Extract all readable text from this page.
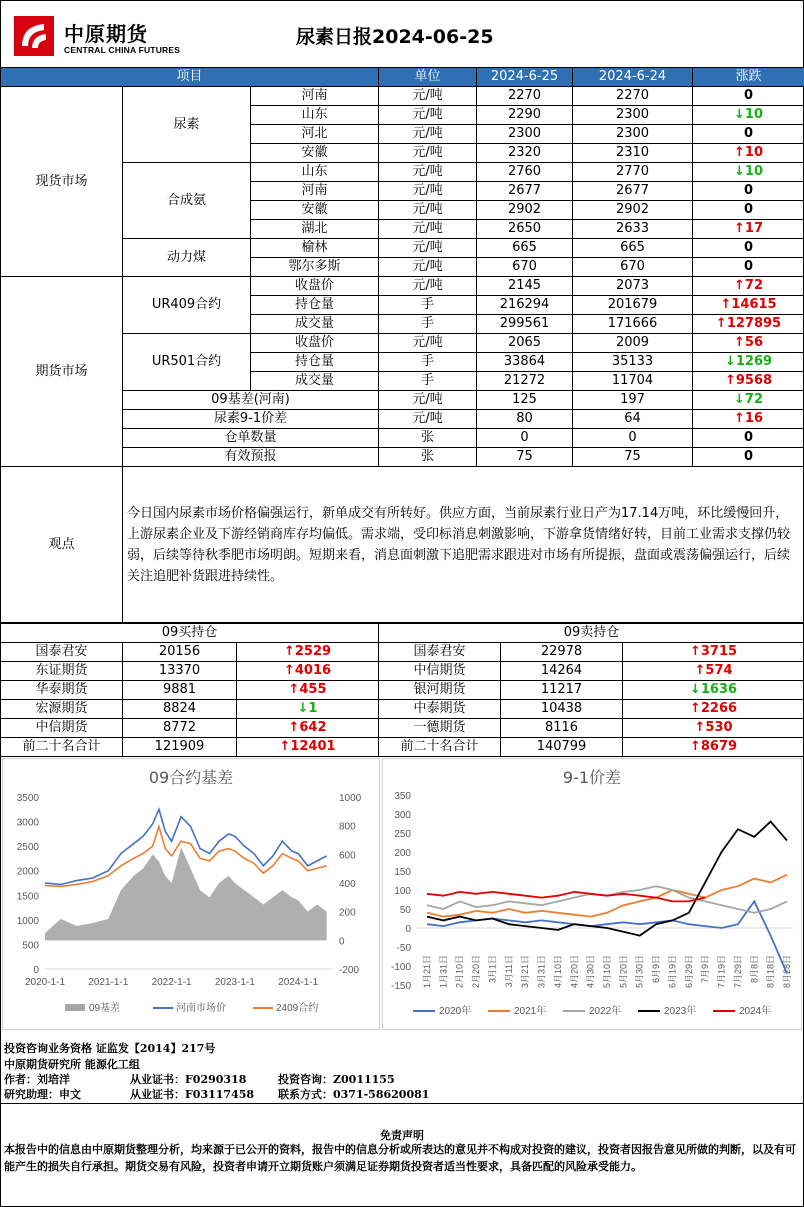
中原期货
CENTRAL CHINA FUTURES
尿素日报2024-06-25
项目			单位	2024-6-25	2024-6-24	涨跌
现货市场	尿素	河南	元/吨	2270	2270	0
		山东	元/吨	2290	2300	↓10
		河北	元/吨	2300	2300	0
		安徽	元/吨	2320	2310	↑10
	合成氨	山东	元/吨	2760	2770	↓10
		河南	元/吨	2677	2677	0
		安徽	元/吨	2902	2902	0
		湖北	元/吨	2650	2633	↑17
	动力煤	榆林	元/吨	665	665	0
		鄂尔多斯	元/吨	670	670	0
期货市场	UR409合约	收盘价	元/吨	2145	2073	↑72
		持仓量	手	216294	201679	↑14615
		成交量	手	299561	171666	↑127895
	UR501合约	收盘价	元/吨	2065	2009	↑56
		持仓量	手	33864	35133	↓1269
		成交量	手	21272	11704	↑9568
	09基差(河南)		元/吨	125	197	↓72
	尿素9-1价差		元/吨	80	64	↑16
	仓单数量		张	0	0	0
	有效预报		张	75	75	0
观点	今日国内尿素市场价格偏强运行，新单成交有所转好。供应方面，当前尿素行业日产为17.14万吨，环比缓慢回升，上游尿素企业及下游经销商库存均偏低。需求端，受印标消息刺激影响，下游拿货情绪好转，目前工业需求支撑仍较弱，后续等待秋季肥市场明朗。短期来看，消息面刺激下追肥需求跟进对市场有所提振，盘面或震荡偏强运行，后续关注追肥补货跟进持续性。					
09买持仓			09卖持仓		
国泰君安	20156	↑2529	国泰君安	22978	↑3715
东证期货	13370	↑4016	中信期货	14264	↑574
华泰期货	9881	↑455	银河期货	11217	↓1636
宏源期货	8824	↓1	中泰期货	10438	↑2266
中信期货	8772	↑642	一德期货	8116	↑530
前二十名合计	121909	↑12401	前二十名合计	140799	↑8679
09合约基差
3500
3000
2500
2000
1500
1000
500
0
1000
800
600
400
200
0
-200
2020-1-1 2021-1-1 2022-1-1 2023-1-1 2024-1-1
09基差	河南市场价	2409合约
9-1价差
350
300
250
200
150
100
50
0
-50
-100
-150 1月21日 1月31日 2月10日 2月20日 3月1日 3月11日 3月21日 3月31日 4月10日 4月20日 4月30日 5月10日 5月20日 5月30日 6月9日 6月19日 6月29日 7月9日 7月19日 7月29日 8月8日 8月18日 8月28日
2020年	2021年	2022年	2023年	2024年
投资咨询业务资格 证监发【2014】217号
中原期货研究所 能源化工组
作者：刘培洋	从业证书：F0290318	投资咨询：Z0011155
研究助理：申文	从业证书：F03117458 联系方式：0371-58620081
免责声明
本报告中的信息由中原期货整理分析，均来源于已公开的资料，报告中的信息分析或所表达的意见并不构成对投资的建议，投资者因报告意见所做的判断，以及有可能产生的损失自行承担。期货交易有风险，投资者申请开立期货账户须满足证券期货投资者适当性要求，具备匹配的风险承受能力。
